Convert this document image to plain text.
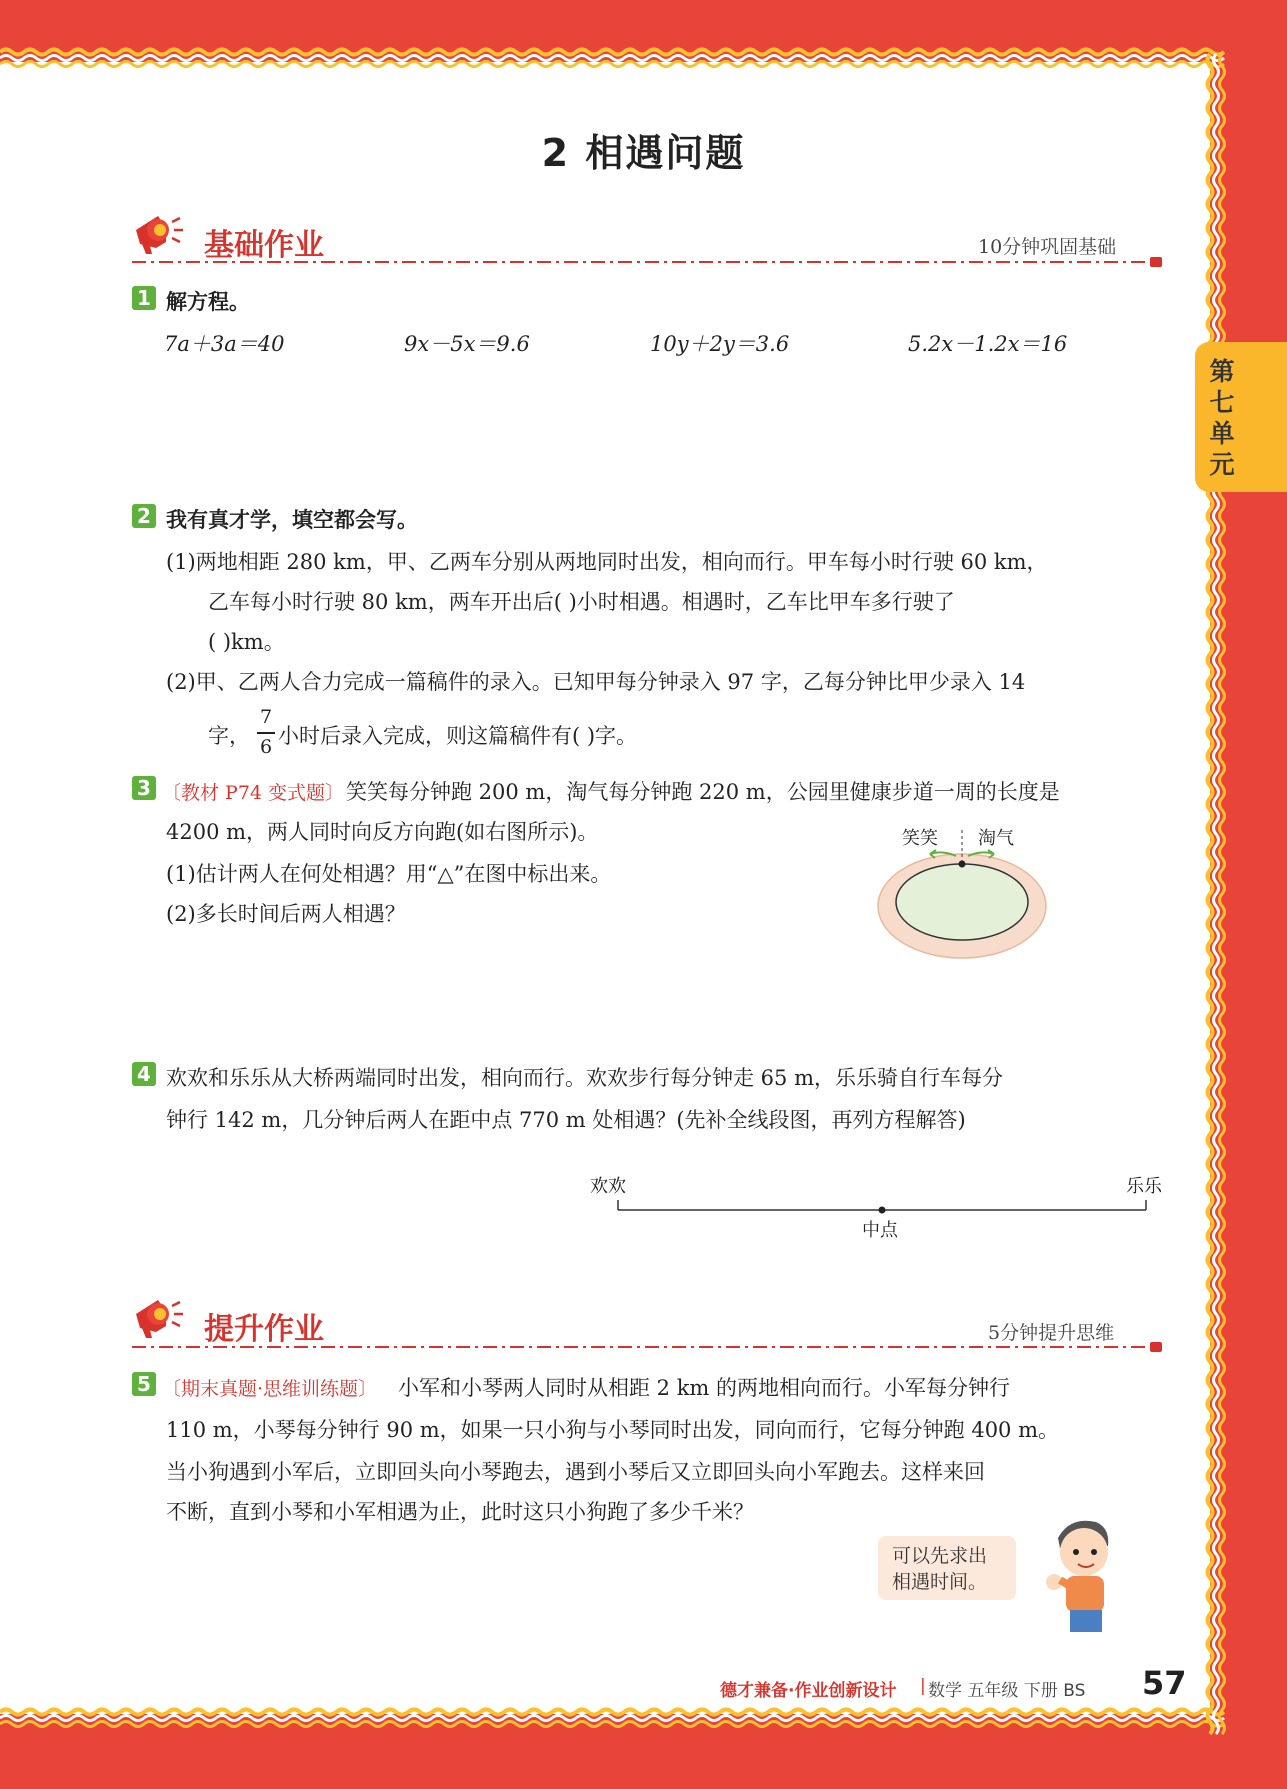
第七单元
2 相遇问题
基础作业	10分钟巩固基础
1 解方程。
7a＋3a＝40	9x－5x＝9.6	10y＋2y＝3.6	5.2x－1.2x＝16
2 我有真才学，填空都会写。
(1)两地相距 280 km，甲、乙两车分别从两地同时出发，相向而行。甲车每小时行驶 60 km，
乙车每小时行驶 80 km，两车开出后( )小时相遇。相遇时，乙车比甲车多行驶了
( )km。
(2)甲、乙两人合力完成一篇稿件的录入。已知甲每分钟录入 97 字，乙每分钟比甲少录入 14
字，
7
6 小时后录入完成，则这篇稿件有( )字。
3 〔教材 P74 变式题〕 笑笑每分钟跑 200 m，淘气每分钟跑 220 m，公园里健康步道一周的长度是
4200 m，两人同时向反方向跑(如右图所示)。
(1)估计两人在何处相遇？用“△”在图中标出来。
(2)多长时间后两人相遇？
笑笑 淘气
4 欢欢和乐乐从大桥两端同时出发，相向而行。欢欢步行每分钟走 65 m，乐乐骑自行车每分
钟行 142 m，几分钟后两人在距中点 770 m 处相遇？(先补全线段图，再列方程解答)
欢欢	乐乐
中点
提升作业	5分钟提升思维
5 〔期末真题·思维训练题〕 小军和小琴两人同时从相距 2 km 的两地相向而行。小军每分钟行
110 m，小琴每分钟行 90 m，如果一只小狗与小琴同时出发，同向而行，它每分钟跑 400 m。
当小狗遇到小军后，立即回头向小琴跑去，遇到小琴后又立即回头向小军跑去。这样来回
不断，直到小琴和小军相遇为止，此时这只小狗跑了多少千米？
可以先求出
相遇时间。
德才兼备·作业创新设计 | 数学 五年级 下册 BS 57
